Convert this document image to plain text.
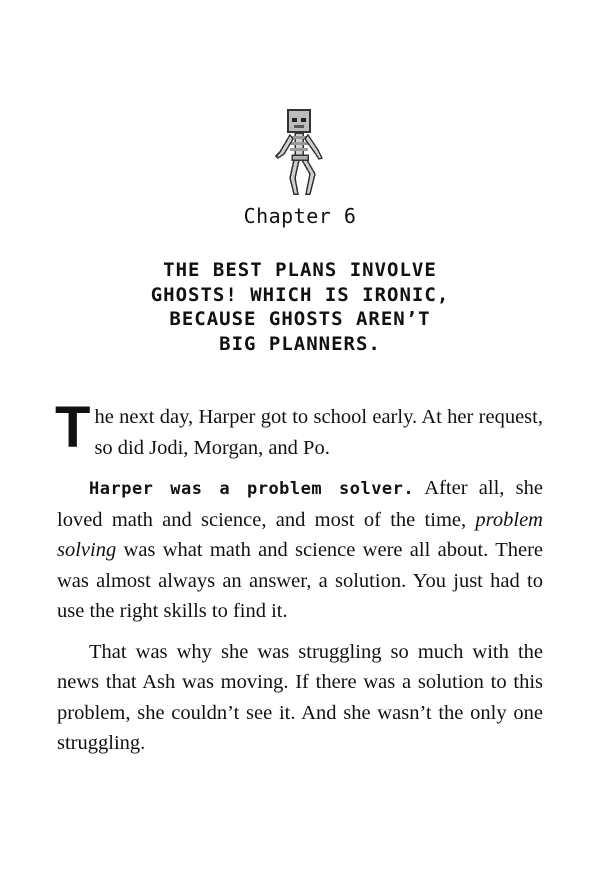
Chapter 6
THE BEST PLANS INVOLVE
GHOSTS! WHICH IS IRONIC,
BECAUSE GHOSTS AREN’T
BIG PLANNERS.

The next day, Harper got to school early. At her request, so did Jodi, Morgan, and Po.

Harper was a problem solver. After all, she loved math and science, and most of the time, problem solving was what math and science were all about. There was almost always an answer, a solution. You just had to use the right skills to find it.

That was why she was struggling so much with the news that Ash was moving. If there was a solution to this problem, she couldn’t see it. And she wasn’t the only one struggling.
